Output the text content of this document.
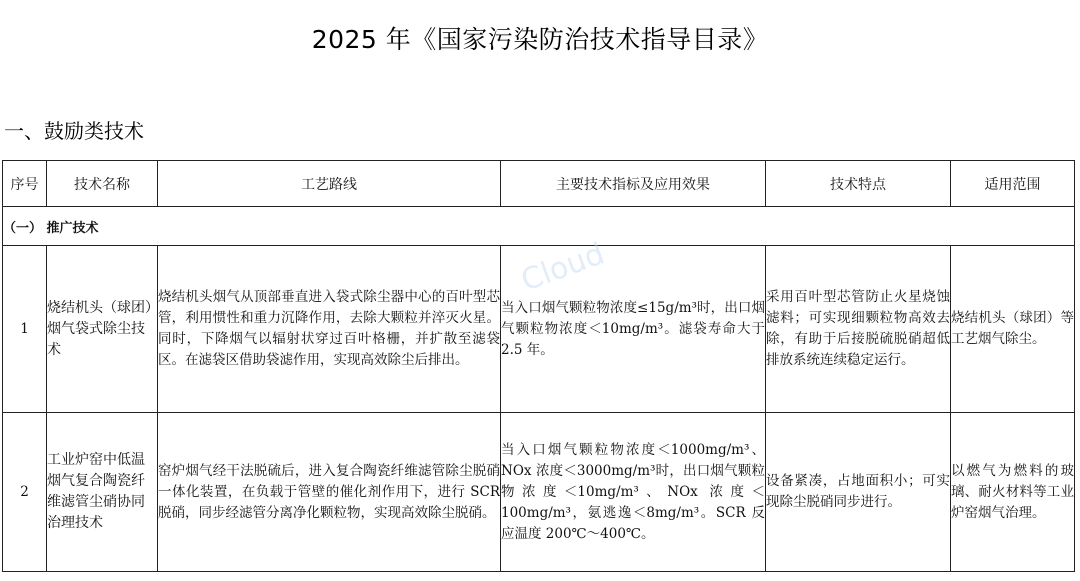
2025 年《国家污染防治技术指导目录》
一、鼓励类技术
序号	技术名称	工艺路线	主要技术指标及应用效果	技术特点	适用范围
（一） 推广技术					
1	烧结机头（球团）烟气袋式除尘技术	烧结机头烟气从顶部垂直进入袋式除尘器中心的百叶型芯管，利用惯性和重力沉降作用，去除大颗粒并淬灭火星。同时，下降烟气以辐射状穿过百叶格栅，并扩散至滤袋区。在滤袋区借助袋滤作用，实现高效除尘后排出。	当入口烟气颗粒物浓度≤15g/m³时，出口烟气颗粒物浓度＜10mg/m³。滤袋寿命大于 2.5 年。	采用百叶型芯管防止火星烧蚀滤料；可实现细颗粒物高效去除，有助于后接脱硫脱硝超低排放系统连续稳定运行。	烧结机头（球团）等工艺烟气除尘。
2	工业炉窑中低温烟气复合陶瓷纤维滤管尘硝协同治理技术	窑炉烟气经干法脱硫后，进入复合陶瓷纤维滤管除尘脱硝一体化装置，在负载于管壁的催化剂作用下，进行 SCR 脱硝，同步经滤管分离净化颗粒物，实现高效除尘脱硝。	当入口烟气颗粒物浓度＜1000mg/m³、NOx 浓度＜3000mg/m³时，出口烟气颗粒物浓度＜10mg/m³、NOx 浓度＜100mg/m³，氨逃逸＜8mg/m³。SCR 反应温度 200℃～400℃。	设备紧凑，占地面积小；可实现除尘脱硝同步进行。	以燃气为燃料的玻璃、耐火材料等工业炉窑烟气治理。
Cloud
